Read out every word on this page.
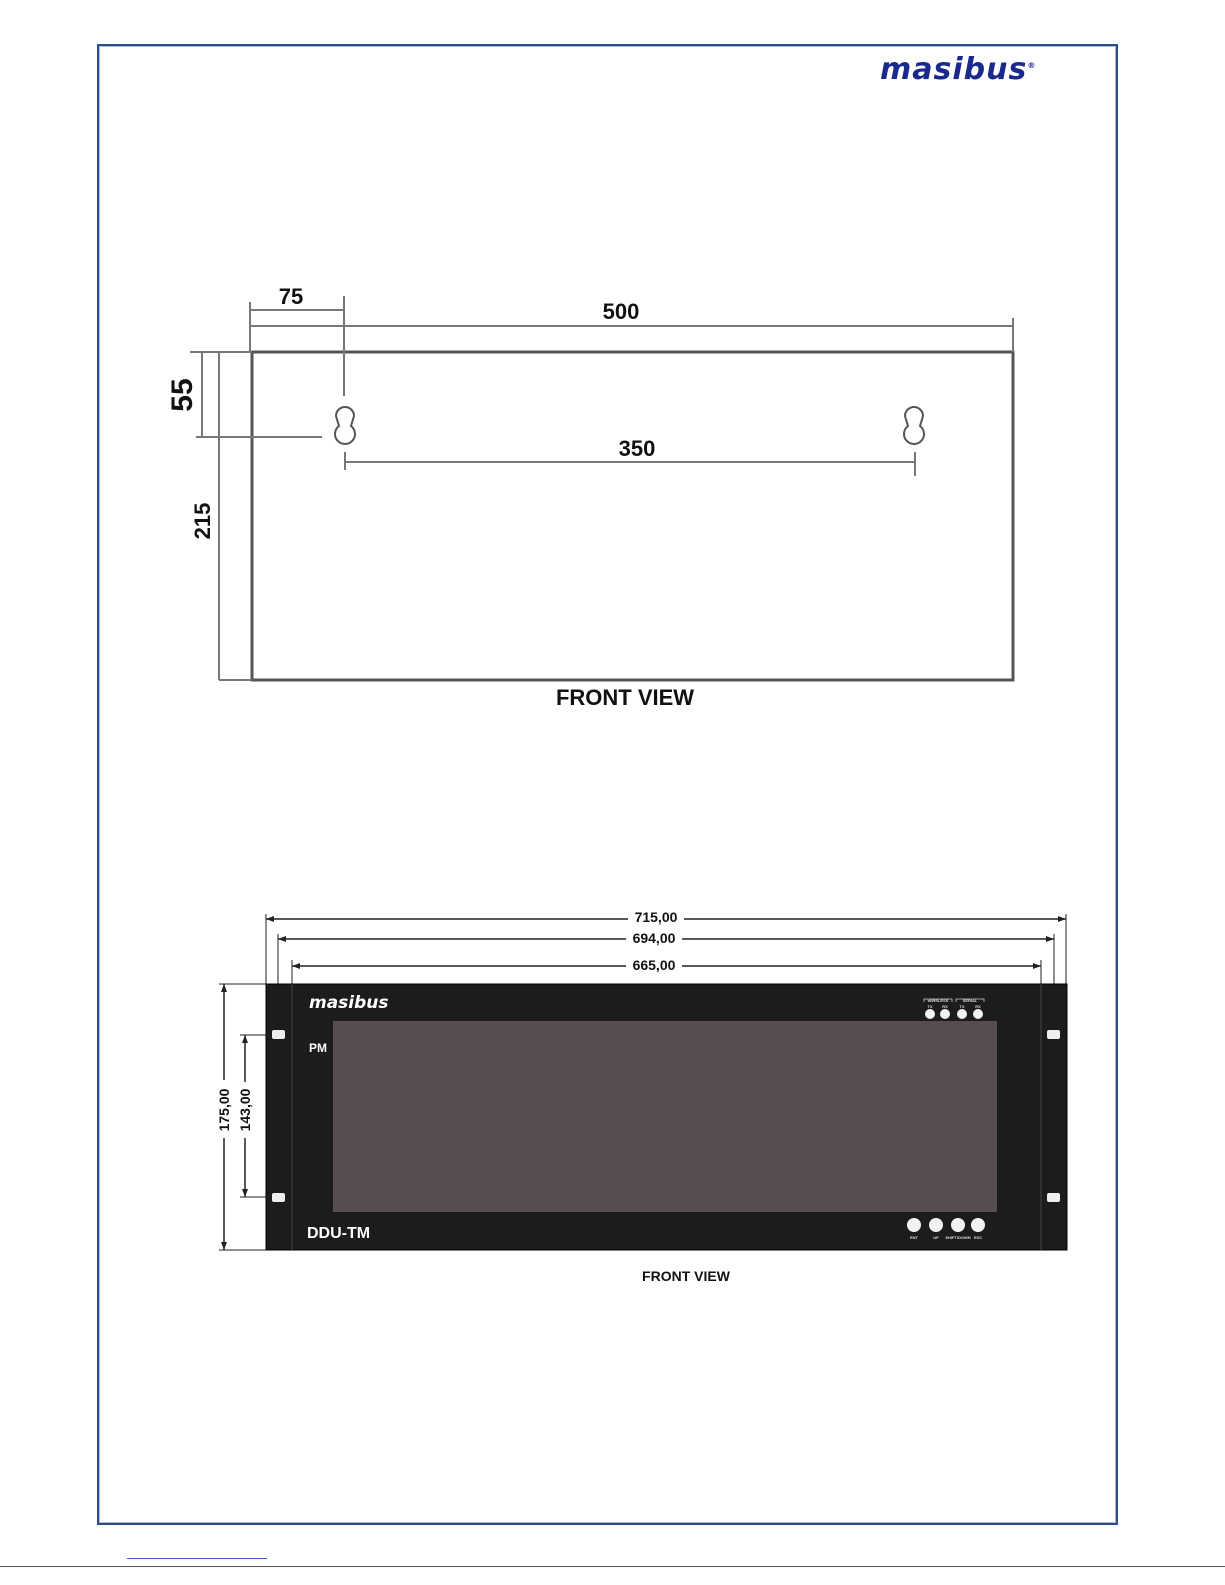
masibus®
500
75
350
55
215
FRONT VIEW
715,00
694,00
665,00
masibus
PM
DDU-TM
WIRELESS	SERIAL
TX RX	TX	RX
ENT	UP SHIFT/DOWN ESC
175,00 143,00
FRONT VIEW
